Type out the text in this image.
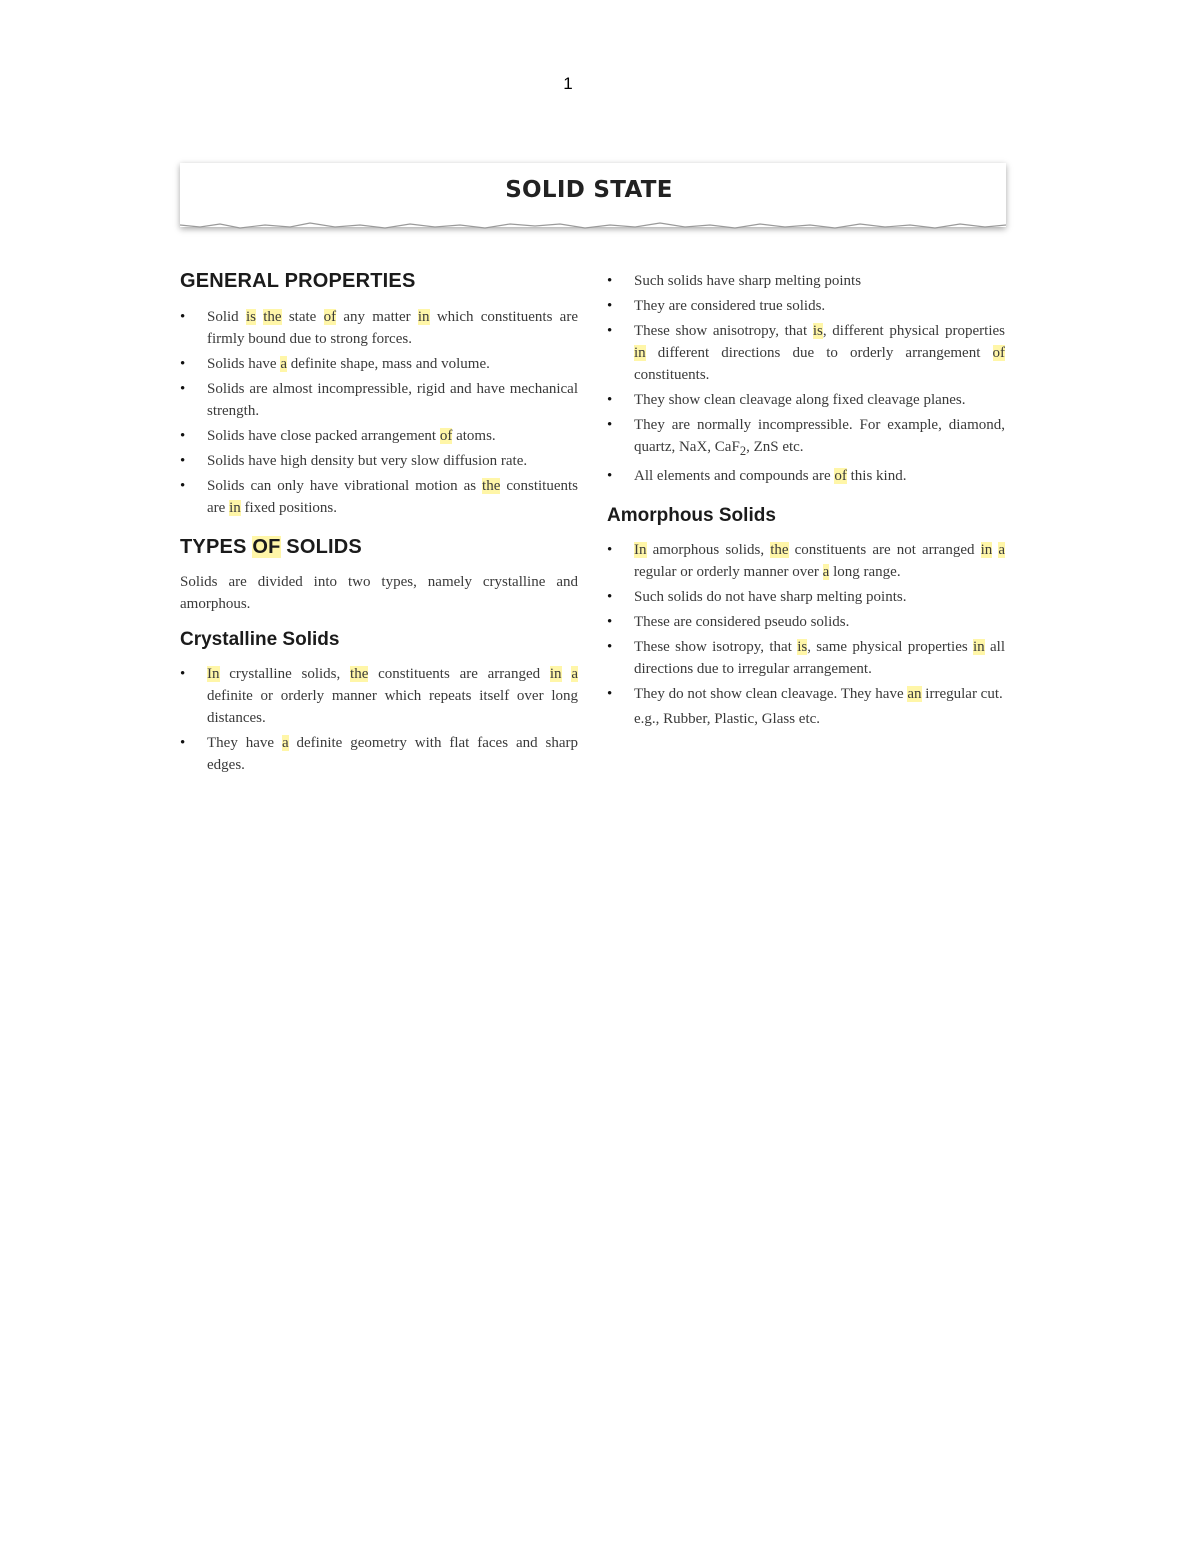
1
SOLID STATE
GENERAL PROPERTIES
• Solid is the state of any matter in which constituents are firmly bound due to strong forces.
• Solids have a definite shape, mass and volume.
• Solids are almost incompressible, rigid and have mechanical strength.
• Solids have close packed arrangement of atoms.
• Solids have high density but very slow diffusion rate.
• Solids can only have vibrational motion as the constituents are in fixed positions.
TYPES OF SOLIDS

Solids are divided into two types, namely crystalline and amorphous.

Crystalline Solids
• In crystalline solids, the constituents are arranged in a definite or orderly manner which repeats itself over long distances.
• They have a definite geometry with flat faces and sharp edges.
• Such solids have sharp melting points
• They are considered true solids.
• These show anisotropy, that is, different physical properties in different directions due to orderly arrangement of constituents.
• They show clean cleavage along fixed cleavage planes.
• They are normally incompressible. For example, diamond, quartz, NaX, CaF$_2$, ZnS etc.
• All elements and compounds are of this kind.
Amorphous Solids
• In amorphous solids, the constituents are not arranged in a regular or orderly manner over a long range.
• Such solids do not have sharp melting points.
• These are considered pseudo solids.
• These show isotropy, that is, same physical properties in all directions due to irregular arrangement.
• They do not show clean cleavage. They have an irregular cut.
e.g., Rubber, Plastic, Glass etc.
